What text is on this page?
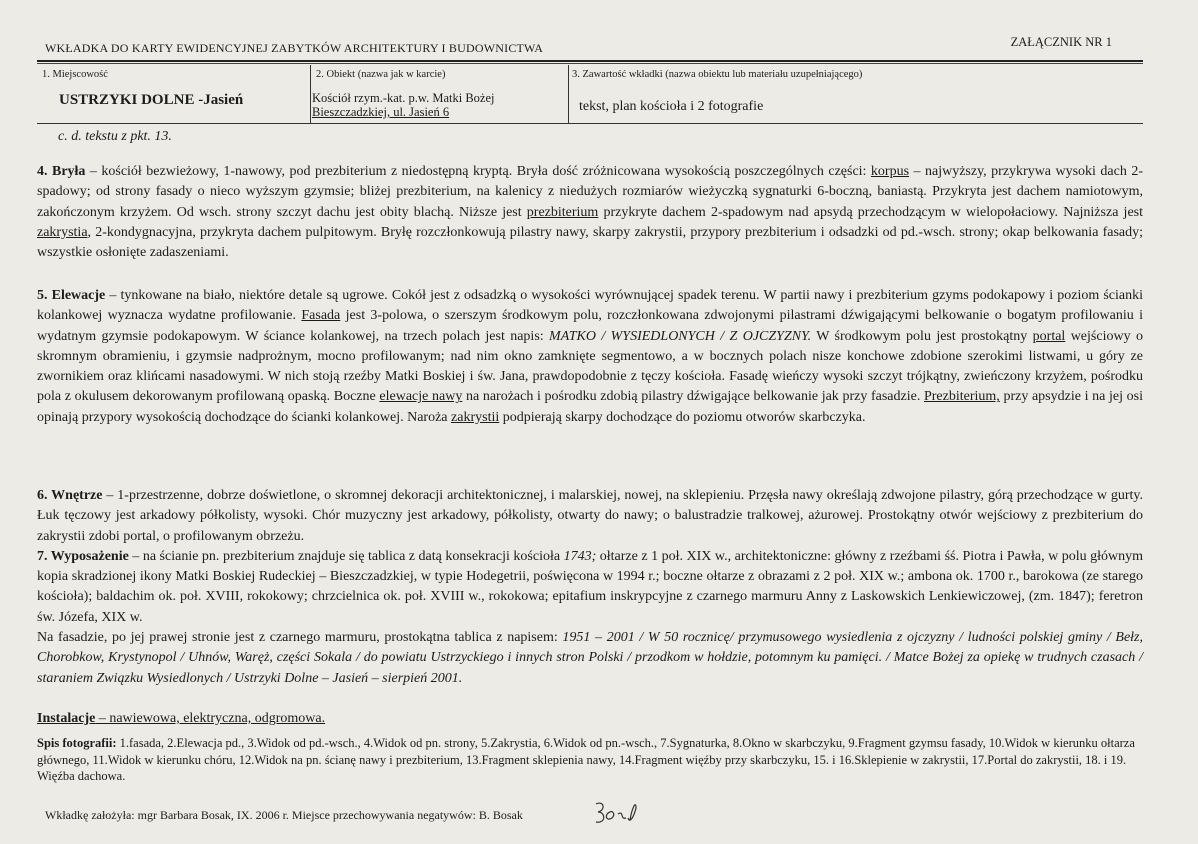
WKŁADKA DO KARTY EWIDENCYJNEJ ZABYTKÓW ARCHITEKTURY I BUDOWNICTWA	ZAŁĄCZNIK NR 1
1. Miejscowość
USTRZYKI DOLNE -Jasień
2. Obiekt (nazwa jak w karcie)
Kościół rzym.-kat. p.w. Matki Bożej
Bieszczadzkiej, ul. Jasień 6
3. Zawartość wkładki (nazwa obiektu lub materiału uzupełniającego)
tekst, plan kościoła i 2 fotografie
c. d. tekstu z pkt. 13.
4. Bryła – kościół bezwieżowy, 1-nawowy, pod prezbiterium z niedostępną kryptą. Bryła dość zróżnicowana wysokością poszczególnych części: korpus – najwyższy, przykrywa wysoki dach 2-spadowy; od strony fasady o nieco wyższym gzymsie; bliżej prezbiterium, na kalenicy z niedużych rozmiarów wieżyczką sygnaturki 6-boczną, baniastą. Przykryta jest dachem namiotowym, zakończonym krzyżem. Od wsch. strony szczyt dachu jest obity blachą. Niższe jest prezbiterium przykryte dachem 2-spadowym nad apsydą przechodzącym w wielopołaciowy. Najniższa jest zakrystia, 2-kondygnacyjna, przykryta dachem pulpitowym. Bryłę rozczłonkowują pilastry nawy, skarpy zakrystii, przypory prezbiterium i odsadzki od pd.-wsch. strony; okap belkowania fasady; wszystkie osłonięte zadaszeniami.
5. Elewacje – tynkowane na biało, niektóre detale są ugrowe. Cokół jest z odsadzką o wysokości wyrównującej spadek terenu. W partii nawy i prezbiterium gzyms podokapowy i poziom ścianki kolankowej wyznacza wydatne profilowanie. Fasada jest 3-polowa, o szerszym środkowym polu, rozczłonkowana zdwojonymi pilastrami dźwigającymi belkowanie o bogatym profilowaniu i wydatnym gzymsie podokapowym. W ściance kolankowej, na trzech polach jest napis: MATKO / WYSIEDLONYCH / Z OJCZYZNY. W środkowym polu jest prostokątny portal wejściowy o skromnym obramieniu, i gzymsie nadprożnym, mocno profilowanym; nad nim okno zamknięte segmentowo, a w bocznych polach nisze konchowe zdobione szerokimi listwami, u góry ze zwornikiem oraz klińcami nasadowymi. W nich stoją rzeźby Matki Boskiej i św. Jana, prawdopodobnie z tęczy kościoła. Fasadę wieńczy wysoki szczyt trójkątny, zwieńczony krzyżem, pośrodku pola z okulusem dekorowanym profilowaną opaską. Boczne elewacje nawy na narożach i pośrodku zdobią pilastry dźwigające belkowanie jak przy fasadzie. Prezbiterium, przy apsydzie i na jej osi opinają przypory wysokością dochodzące do ścianki kolankowej. Naroża zakrystii podpierają skarpy dochodzące do poziomu otworów skarbczyka.

6. Wnętrze – 1-przestrzenne, dobrze doświetlone, o skromnej dekoracji architektonicznej, i malarskiej, nowej, na sklepieniu. Przęsła nawy określają zdwojone pilastry, górą przechodzące w gurty. Łuk tęczowy jest arkadowy półkolisty, wysoki. Chór muzyczny jest arkadowy, półkolisty, otwarty do nawy; o balustradzie tralkowej, ażurowej. Prostokątny otwór wejściowy z prezbiterium do zakrystii zdobi portal, o profilowanym obrzeżu.

7. Wyposażenie – na ścianie pn. prezbiterium znajduje się tablica z datą konsekracji kościoła 1743; ołtarze z 1 poł. XIX w., architektoniczne: główny z rzeźbami śś. Piotra i Pawła, w polu głównym kopia skradzionej ikony Matki Boskiej Rudeckiej – Bieszczadzkiej, w typie Hodegetrii, poświęcona w 1994 r.; boczne ołtarze z obrazami z 2 poł. XIX w.; ambona ok. 1700 r., barokowa (ze starego kościoła); baldachim ok. poł. XVIII, rokokowy; chrzcielnica ok. poł. XVIII w., rokokowa; epitafium inskrypcyjne z czarnego marmuru Anny z Laskowskich Lenkiewiczowej, (zm. 1847); feretron św. Józefa, XIX w.

Na fasadzie, po jej prawej stronie jest z czarnego marmuru, prostokątna tablica z napisem: 1951 – 2001 / W 50 rocznicę/ przymusowego wysiedlenia z ojczyzny / ludności polskiej gminy / Bełz, Chorobkow, Krystynopol / Uhnów, Waręż, części Sokala / do powiatu Ustrzyckiego i innych stron Polski / przodkom w hołdzie, potomnym ku pamięci. / Matce Bożej za opiekę w trudnych czasach / staraniem Związku Wysiedlonych / Ustrzyki Dolne – Jasień – sierpień 2001.

Instalacje – nawiewowa, elektryczna, odgromowa.
Spis fotografii: 1.fasada, 2.Elewacja pd., 3.Widok od pd.-wsch., 4.Widok od pn. strony, 5.Zakrystia, 6.Widok od pn.-wsch., 7.Sygnaturka, 8.Okno w skarbczyku, 9.Fragment gzymsu fasady, 10.Widok w kierunku ołtarza głównego, 11.Widok w kierunku chóru, 12.Widok na pn. ścianę nawy i prezbiterium, 13.Fragment sklepienia nawy, 14.Fragment więźby przy skarbczyku, 15. i 16.Sklepienie w zakrystii, 17.Portal do zakrystii, 18. i 19. Więźba dachowa.
Wkładkę założyła: mgr Barbara Bosak, IX. 2006 r. Miejsce przechowywania negatywów: B. Bosak
